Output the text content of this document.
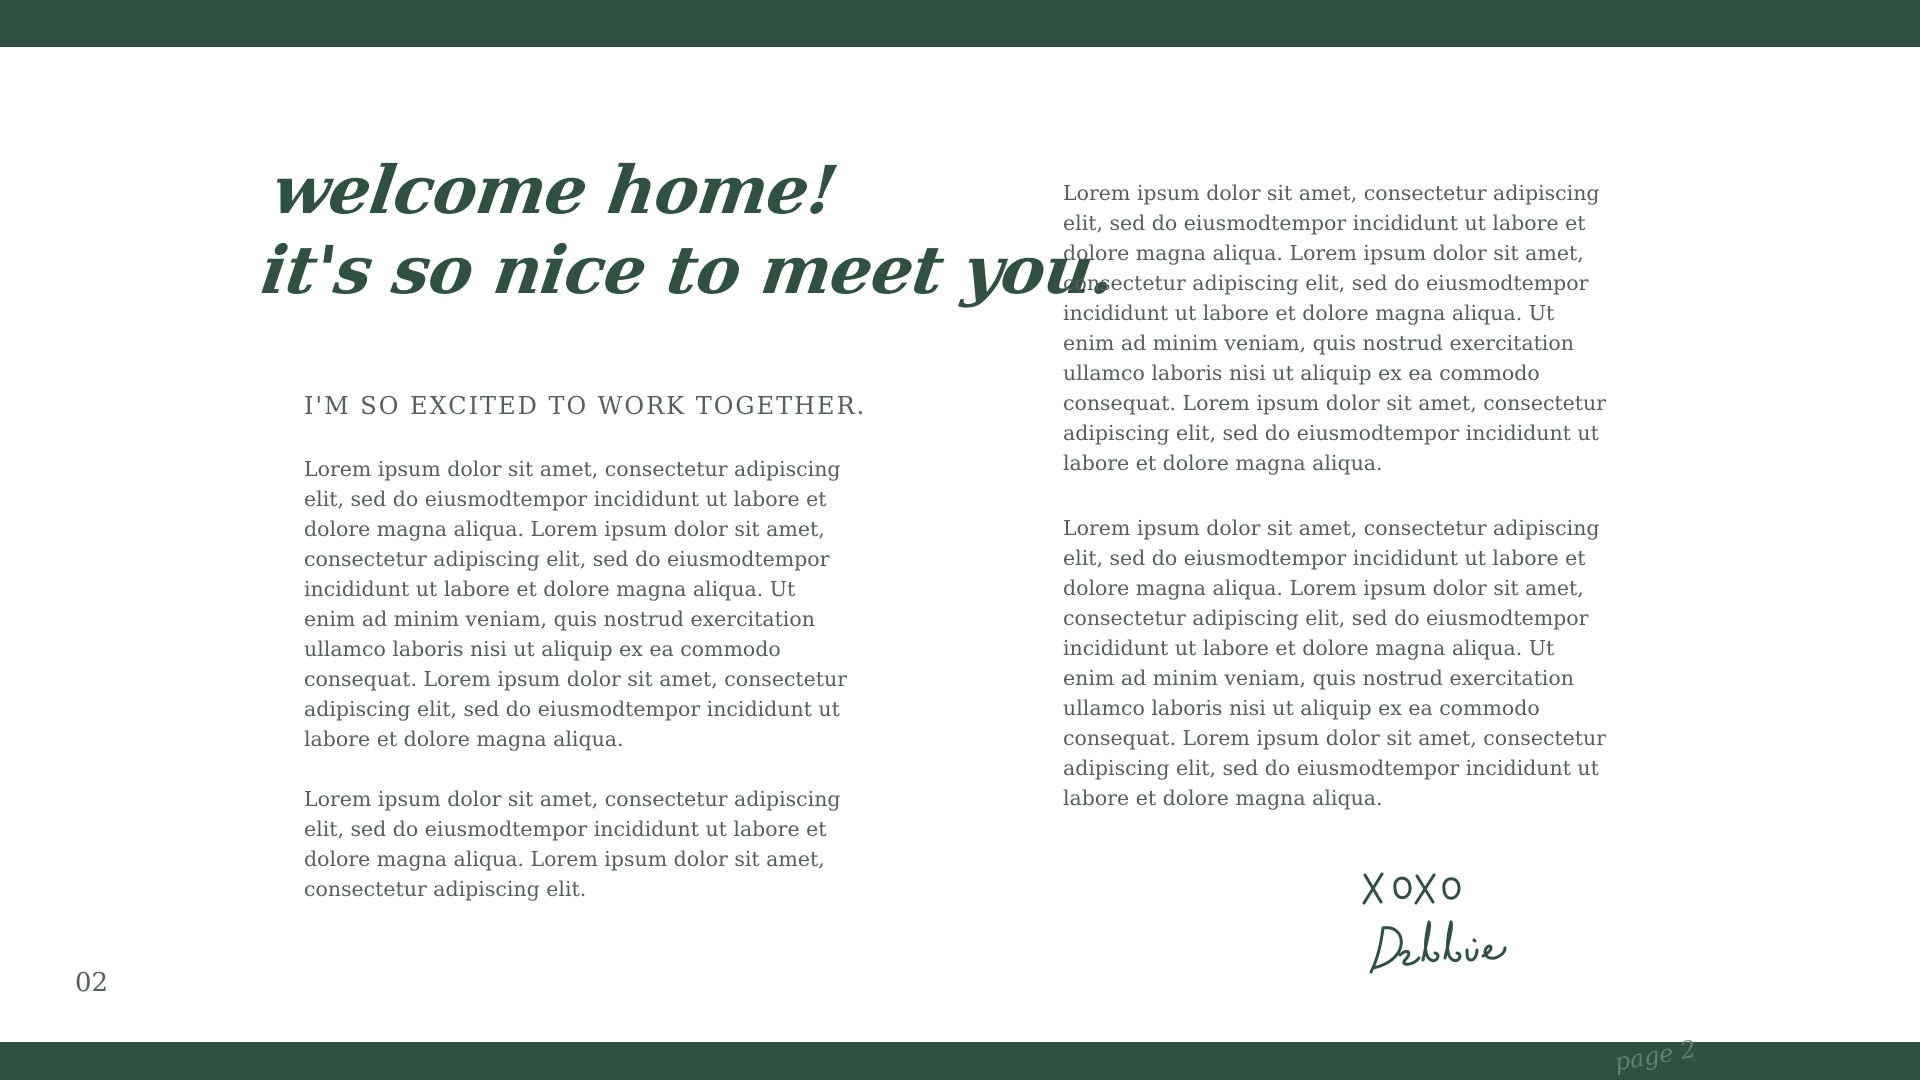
welcome home!
it's so nice to meet you.
I'M SO EXCITED TO WORK TOGETHER.

Lorem ipsum dolor sit amet, consectetur adipiscing elit, sed do eiusmodtempor incididunt ut labore et dolore magna aliqua. Lorem ipsum dolor sit amet, consectetur adipiscing elit, sed do eiusmodtempor incididunt ut labore et dolore magna aliqua. Ut enim ad minim veniam, quis nostrud exercitation ullamco laboris nisi ut aliquip ex ea commodo consequat. Lorem ipsum dolor sit amet, consectetur adipiscing elit, sed do eiusmodtempor incididunt ut labore et dolore magna aliqua.

Lorem ipsum dolor sit amet, consectetur adipiscing elit, sed do eiusmodtempor incididunt ut labore et dolore magna aliqua. Lorem ipsum dolor sit amet, consectetur adipiscing elit.

Lorem ipsum dolor sit amet, consectetur adipiscing elit, sed do eiusmodtempor incididunt ut labore et dolore magna aliqua. Lorem ipsum dolor sit amet, consectetur adipiscing elit, sed do eiusmodtempor incididunt ut labore et dolore magna aliqua. Ut enim ad minim veniam, quis nostrud exercitation ullamco laboris nisi ut aliquip ex ea commodo consequat. Lorem ipsum dolor sit amet, consectetur adipiscing elit, sed do eiusmodtempor incididunt ut labore et dolore magna aliqua.

Lorem ipsum dolor sit amet, consectetur adipiscing elit, sed do eiusmodtempor incididunt ut labore et dolore magna aliqua. Lorem ipsum dolor sit amet, consectetur adipiscing elit, sed do eiusmodtempor incididunt ut labore et dolore magna aliqua. Ut enim ad minim veniam, quis nostrud exercitation ullamco laboris nisi ut aliquip ex ea commodo consequat. Lorem ipsum dolor sit amet, consectetur adipiscing elit, sed do eiusmodtempor incididunt ut labore et dolore magna aliqua.

02
page 2
